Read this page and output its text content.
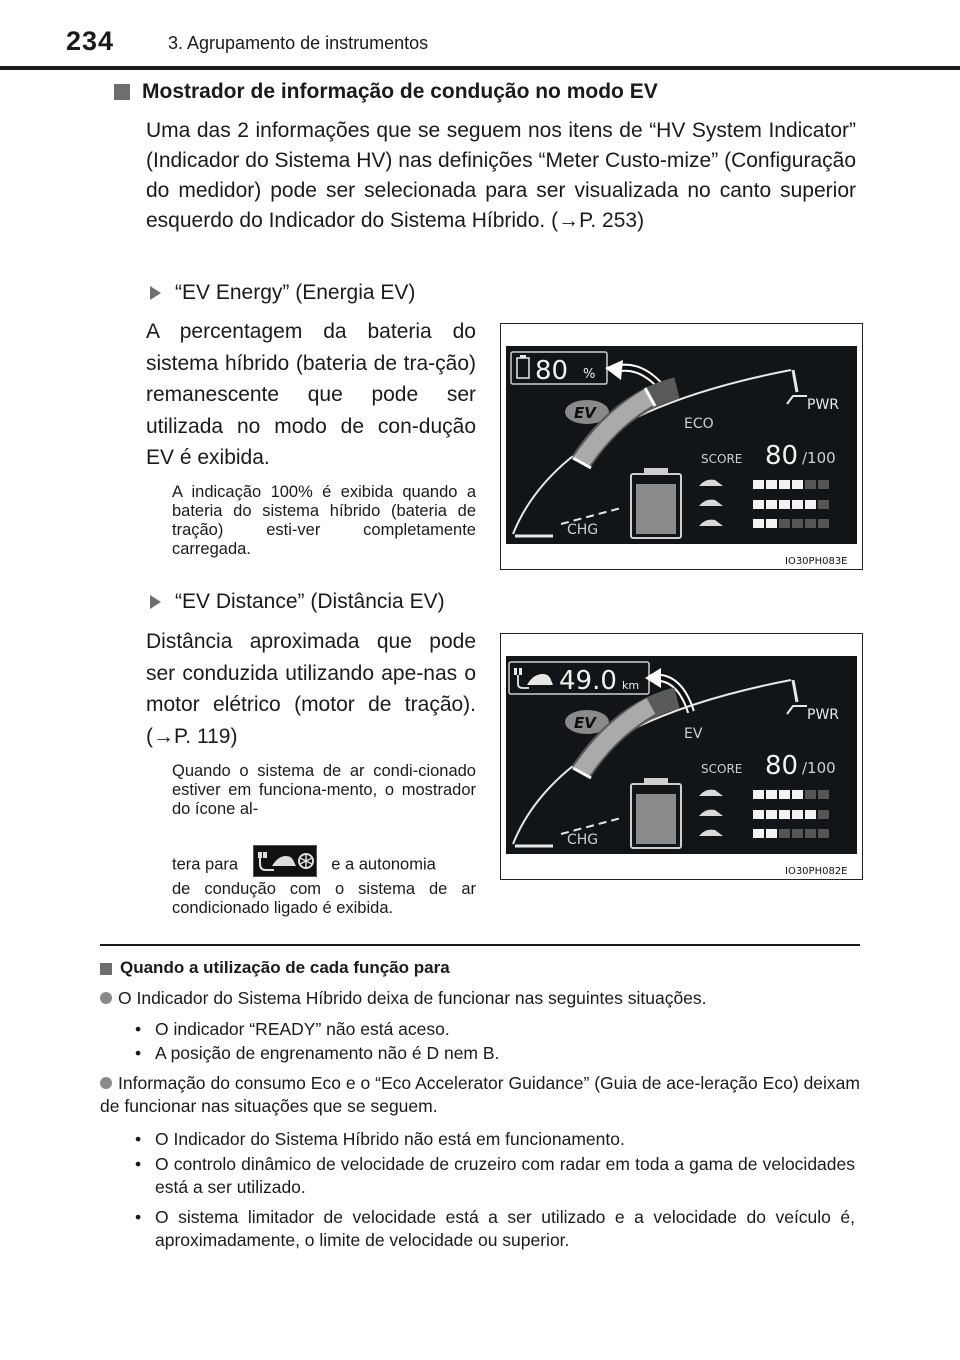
234	3. Agrupamento de instrumentos
Mostrador de informação de condução no modo EV
Uma das 2 informações que se seguem nos itens de “HV System Indicator” (Indicador do Sistema HV) nas definições “Meter Custo-mize” (Configuração do medidor) pode ser selecionada para ser visualizada no canto superior esquerdo do Indicador do Sistema Híbrido. (→P. 253)
“EV Energy” (Energia EV)
A percentagem da bateria do sistema híbrido (bateria de tra-ção) remanescente que pode ser utilizada no modo de con-dução EV é exibida.
A indicação 100% é exibida quando a bateria do sistema híbrido (bateria de tração) esti-ver completamente carregada.
“EV Distance” (Distância EV)
Distância aproximada que pode ser conduzida utilizando ape-nas o motor elétrico (motor de tração). (→P. 119)
Quando o sistema de ar condi-cionado estiver em funciona-mento, o mostrador do ícone al-
tera para	e a autonomia
de condução com o sistema de ar condicionado ligado é exibida.
80 %
PWR
EV
ECO
SCORE 80 /100
CHG
IO30PH083E
49.0 km
PWR
EV
EV
SCORE 80 /100
CHG
IO30PH082E
Quando a utilização de cada função para
O Indicador do Sistema Híbrido deixa de funcionar nas seguintes situações.
• O indicador “READY” não está aceso.
• A posição de engrenamento não é D nem B.
Informação do consumo Eco e o “Eco Accelerator Guidance” (Guia de ace-leração Eco) deixam de funcionar nas situações que se seguem.
• O Indicador do Sistema Híbrido não está em funcionamento.
• O controlo dinâmico de velocidade de cruzeiro com radar em toda a gama de velocidades está a ser utilizado.
• O sistema limitador de velocidade está a ser utilizado e a velocidade do veículo é, aproximadamente, o limite de velocidade ou superior.
